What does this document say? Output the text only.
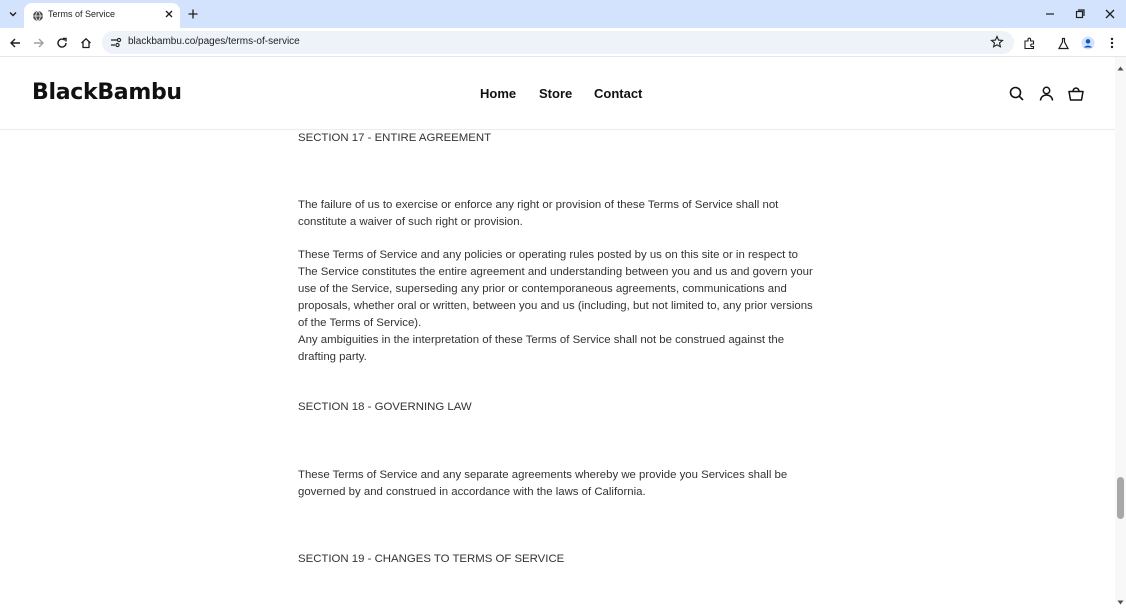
Terms of Service
blackbambu.co/pages/terms-of-service
BlackBambu	Home Store Contact

SECTION 17 - ENTIRE AGREEMENT

The failure of us to exercise or enforce any right or provision of these Terms of Service shall not constitute a waiver of such right or provision.

These Terms of Service and any policies or operating rules posted by us on this site or in respect to The Service constitutes the entire agreement and understanding between you and us and govern your use of the Service, superseding any prior or contemporaneous agreements, communications and proposals, whether oral or written, between you and us (including, but not limited to, any prior versions of the Terms of Service).

Any ambiguities in the interpretation of these Terms of Service shall not be construed against the drafting party.

SECTION 18 - GOVERNING LAW

These Terms of Service and any separate agreements whereby we provide you Services shall be governed by and construed in accordance with the laws of California.

SECTION 19 - CHANGES TO TERMS OF SERVICE
